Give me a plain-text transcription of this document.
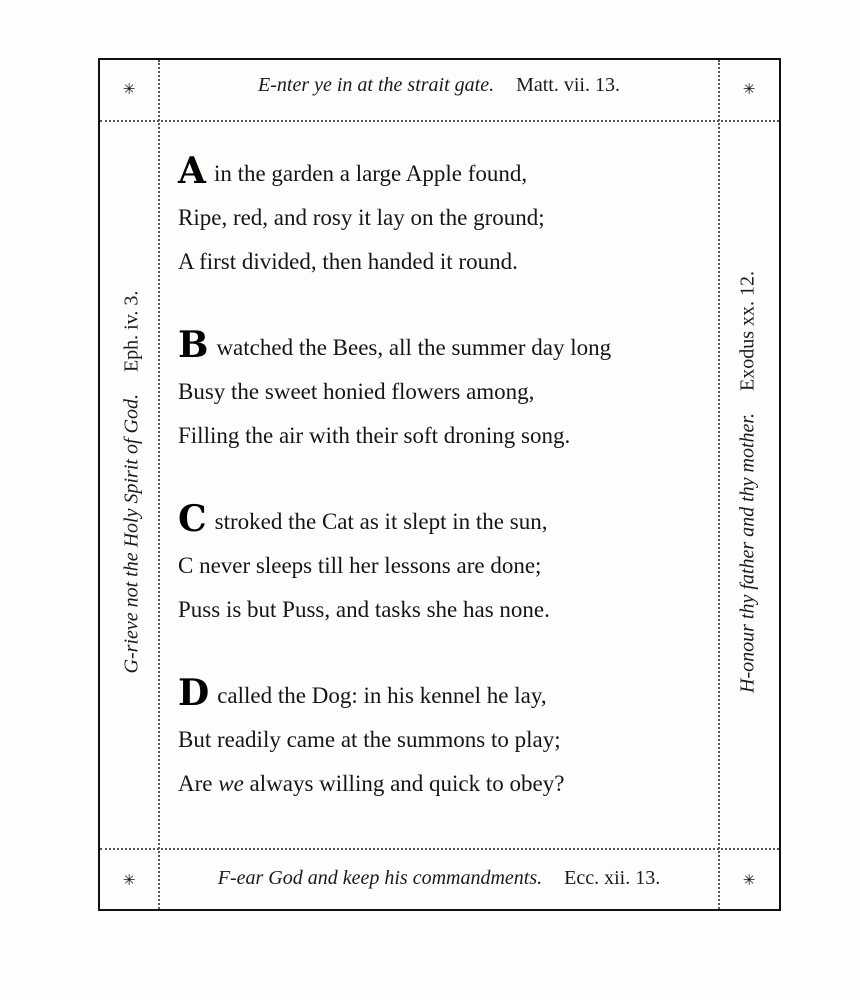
✳	✳
✳	✳
E-nter ye in at the strait gate. Matt. vii. 13.
F-ear God and keep his commandments. Ecc. xii. 13.
G-rieve not the Holy Spirit of God.Eph. iv. 3.
H-onour thy father and thy mother.Exodus xx. 12.
Ain the garden a large Apple found,
Ripe, red, and rosy it lay on the ground;
A first divided, then handed it round.
Bwatched the Bees, all the summer day long
Busy the sweet honied flowers among,
Filling the air with their soft droning song.
Cstroked the Cat as it slept in the sun,
C never sleeps till her lessons are done;
Puss is but Puss, and tasks she has none.
Dcalled the Dog: in his kennel he lay,
But readily came at the summons to play;
Are we always willing and quick to obey?
